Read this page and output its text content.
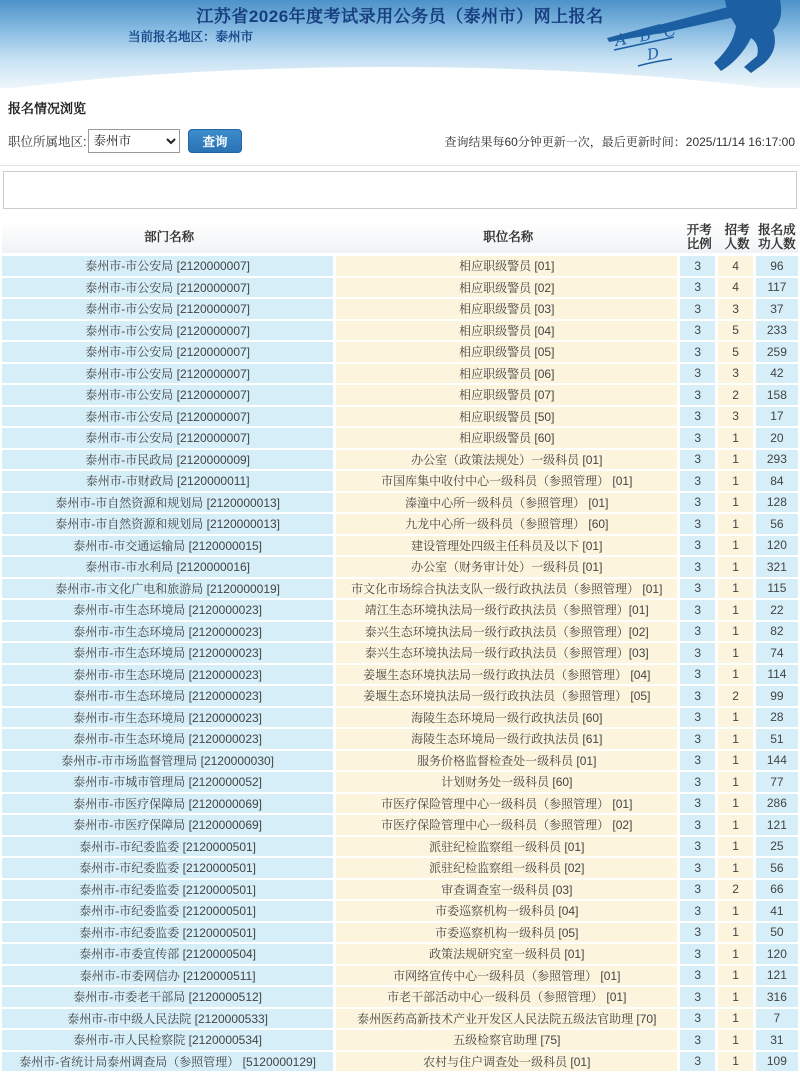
A B C
D
江苏省2026年度考试录用公务员（泰州市）网上报名
当前报名地区：泰州市
报名情况浏览
职位所属地区:
泰州市	查询	查询结果每60分钟更新一次，最后更新时间：2025/11/14 16:17:00
部门名称	职位名称	开考比例	招考人数	报名成功人数
泰州市-市公安局 [2120000007]	相应职级警员 [01]	3	4	96
泰州市-市公安局 [2120000007]	相应职级警员 [02]	3	4	117
泰州市-市公安局 [2120000007]	相应职级警员 [03]	3	3	37
泰州市-市公安局 [2120000007]	相应职级警员 [04]	3	5	233
泰州市-市公安局 [2120000007]	相应职级警员 [05]	3	5	259
泰州市-市公安局 [2120000007]	相应职级警员 [06]	3	3	42
泰州市-市公安局 [2120000007]	相应职级警员 [07]	3	2	158
泰州市-市公安局 [2120000007]	相应职级警员 [50]	3	3	17
泰州市-市公安局 [2120000007]	相应职级警员 [60]	3	1	20
泰州市-市民政局 [2120000009]	办公室（政策法规处）一级科员 [01]	3	1	293
泰州市-市财政局 [2120000011]	市国库集中收付中心一级科员（参照管理） [01]	3	1	84
泰州市-市自然资源和规划局 [2120000013]	溱潼中心所一级科员（参照管理） [01]	3	1	128
泰州市-市自然资源和规划局 [2120000013]	九龙中心所一级科员（参照管理） [60]	3	1	56
泰州市-市交通运输局 [2120000015]	建设管理处四级主任科员及以下 [01]	3	1	120
泰州市-市水利局 [2120000016]	办公室（财务审计处）一级科员 [01]	3	1	321
泰州市-市文化广电和旅游局 [2120000019]	市文化市场综合执法支队一级行政执法员（参照管理） [01]	3	1	115
泰州市-市生态环境局 [2120000023]	靖江生态环境执法局一级行政执法员（参照管理）[01]	3	1	22
泰州市-市生态环境局 [2120000023]	泰兴生态环境执法局一级行政执法员（参照管理）[02]	3	1	82
泰州市-市生态环境局 [2120000023]	泰兴生态环境执法局一级行政执法员（参照管理）[03]	3	1	74
泰州市-市生态环境局 [2120000023]	姜堰生态环境执法局一级行政执法员（参照管理） [04]	3	1	114
泰州市-市生态环境局 [2120000023]	姜堰生态环境执法局一级行政执法员（参照管理） [05]	3	2	99
泰州市-市生态环境局 [2120000023]	海陵生态环境局一级行政执法员 [60]	3	1	28
泰州市-市生态环境局 [2120000023]	海陵生态环境局一级行政执法员 [61]	3	1	51
泰州市-市市场监督管理局 [2120000030]	服务价格监督检查处一级科员 [01]	3	1	144
泰州市-市城市管理局 [2120000052]	计划财务处一级科员 [60]	3	1	77
泰州市-市医疗保障局 [2120000069]	市医疗保险管理中心一级科员（参照管理） [01]	3	1	286
泰州市-市医疗保障局 [2120000069]	市医疗保险管理中心一级科员（参照管理） [02]	3	1	121
泰州市-市纪委监委 [2120000501]	派驻纪检监察组一级科员 [01]	3	1	25
泰州市-市纪委监委 [2120000501]	派驻纪检监察组一级科员 [02]	3	1	56
泰州市-市纪委监委 [2120000501]	审查调查室一级科员 [03]	3	2	66
泰州市-市纪委监委 [2120000501]	市委巡察机构一级科员 [04]	3	1	41
泰州市-市纪委监委 [2120000501]	市委巡察机构一级科员 [05]	3	1	50
泰州市-市委宣传部 [2120000504]	政策法规研究室一级科员 [01]	3	1	120
泰州市-市委网信办 [2120000511]	市网络宣传中心一级科员（参照管理） [01]	3	1	121
泰州市-市委老干部局 [2120000512]	市老干部活动中心一级科员（参照管理） [01]	3	1	316
泰州市-市中级人民法院 [2120000533]	泰州医药高新技术产业开发区人民法院五级法官助理 [70]	3	1	7
泰州市-市人民检察院 [2120000534]	五级检察官助理 [75]	3	1	31
泰州市-省统计局泰州调查局（参照管理） [5120000129]	农村与住户调查处一级科员 [01]	3	1	109
